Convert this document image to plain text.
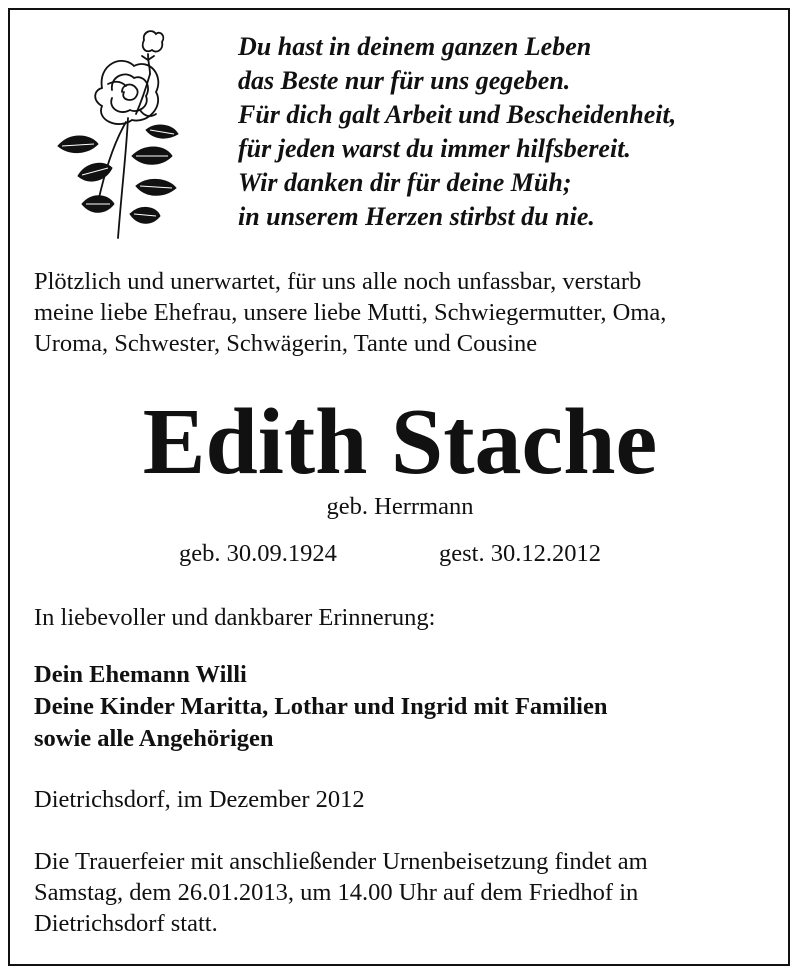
Du hast in deinem ganzen Leben
das Beste nur für uns gegeben.
Für dich galt Arbeit und Bescheidenheit,
für jeden warst du immer hilfsbereit.
Wir danken dir für deine Müh;
in unserem Herzen stirbst du nie.
Plötzlich und unerwartet, für uns alle noch unfassbar, verstarb
meine liebe Ehefrau, unsere liebe Mutti, Schwiegermutter, Oma,
Uroma, Schwester, Schwägerin, Tante und Cousine
Edith Stache
geb. Herrmann
geb. 30.09.1924	gest. 30.12.2012
In liebevoller und dankbarer Erinnerung:
Dein Ehemann Willi
Deine Kinder Maritta, Lothar und Ingrid mit Familien
sowie alle Angehörigen
Dietrichsdorf, im Dezember 2012
Die Trauerfeier mit anschließender Urnenbeisetzung findet am
Samstag, dem 26.01.2013, um 14.00 Uhr auf dem Friedhof in
Dietrichsdorf statt.
